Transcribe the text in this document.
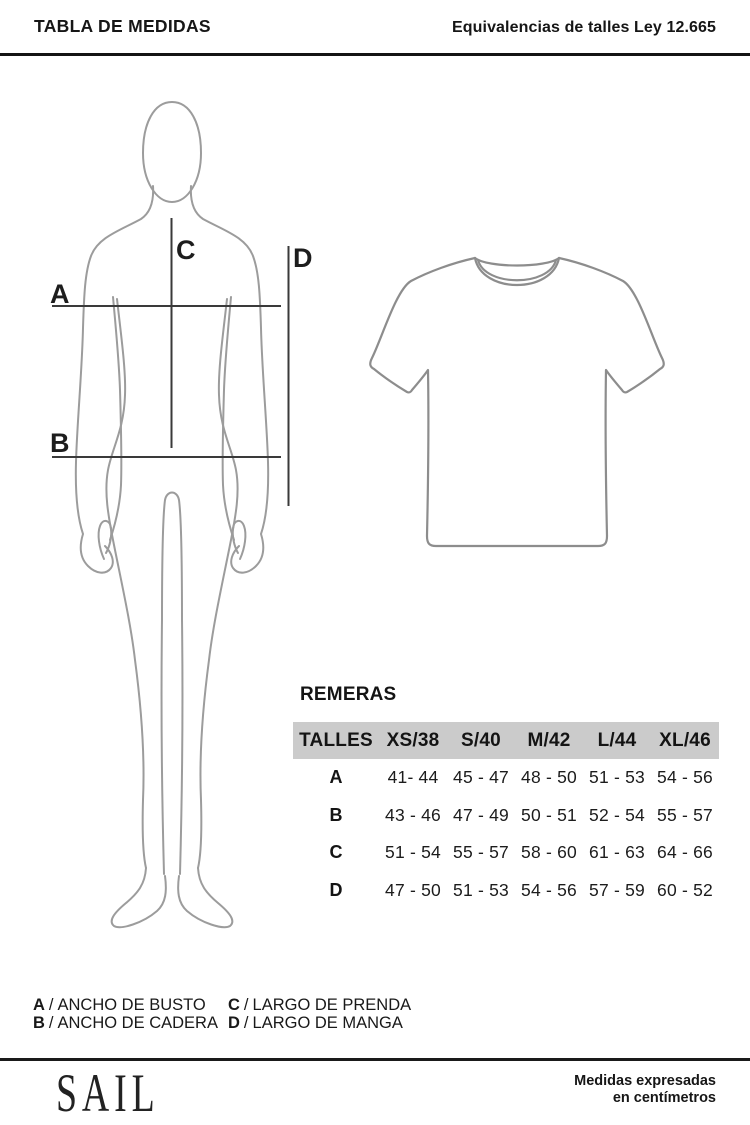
TABLA DE MEDIDAS	Equivalencias de talles Ley 12.665
A
B
C	D
REMERAS
TALLES	XS/38	S/40	M/42	L/44	XL/46
A	41- 44	45 - 47	48 - 50	51 - 53	54 - 56
B	43 - 46	47 - 49	50 - 51	52 - 54	55 - 57
C	51 - 54	55 - 57	58 - 60	61 - 63	64 - 66
D	47 - 50	51 - 53	54 - 56	57 - 59	60 - 52
A / ANCHO DE BUSTO	C / LARGO DE PRENDA
B / ANCHO DE CADERA D / LARGO DE MANGA
SAIL	Medidas expresadas
en centímetros
